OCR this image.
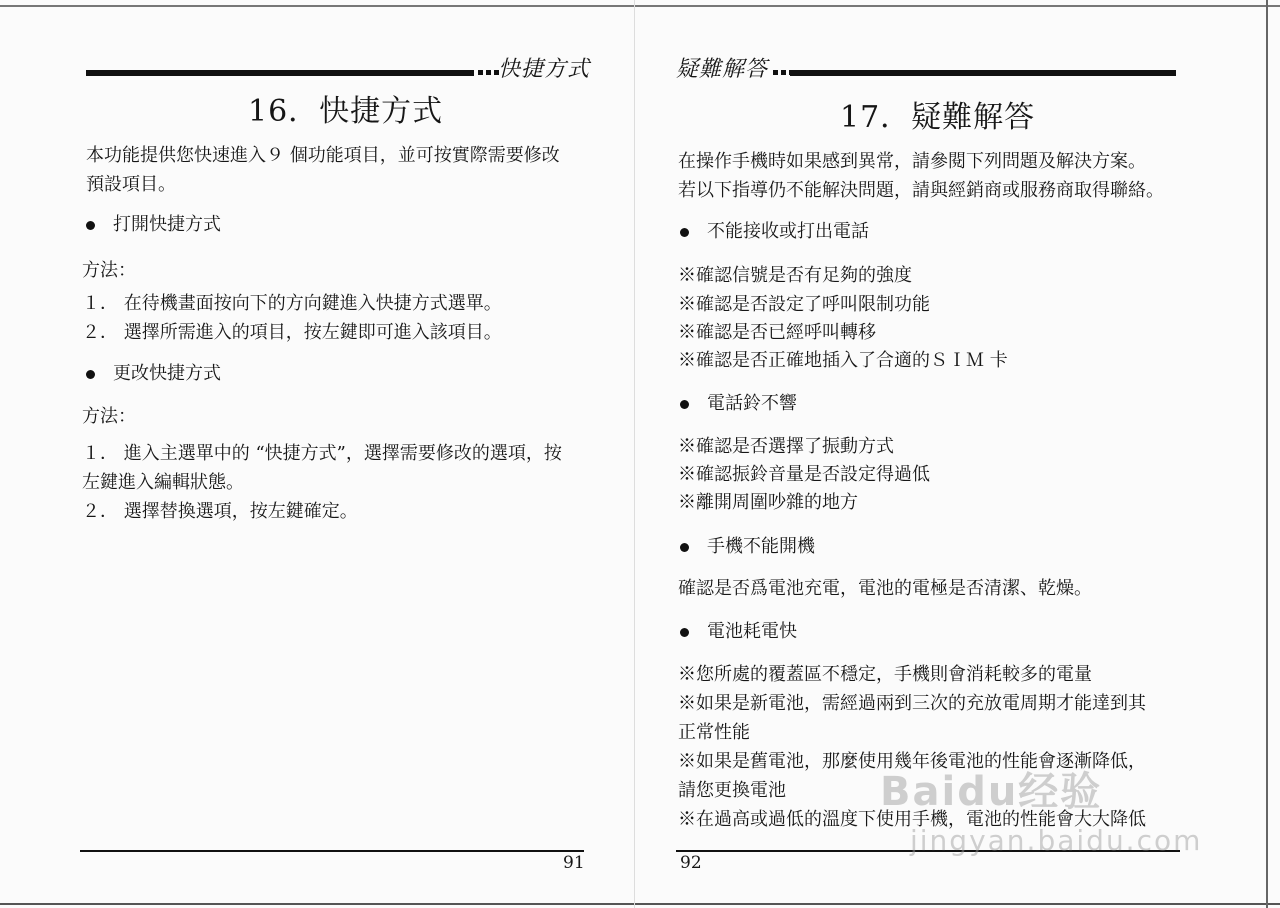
快捷方式
16．快捷方式
本功能提供您快速進入９ 個功能項目，並可按實際需要修改
預設項目。
打開快捷方式
方法：
１． 在待機畫面按向下的方向鍵進入快捷方式選單。
２． 選擇所需進入的項目，按左鍵即可進入該項目。
更改快捷方式
方法：
１． 進入主選單中的 “快捷方式”，選擇需要修改的選項，按
左鍵進入編輯狀態。
２． 選擇替換選項，按左鍵確定。
91
疑難解答
17．疑難解答
在操作手機時如果感到異常，請參閱下列問題及解決方案。
若以下指導仍不能解決問題，請與經銷商或服務商取得聯絡。
不能接收或打出電話
※確認信號是否有足夠的強度
※確認是否設定了呼叫限制功能
※確認是否已經呼叫轉移
※確認是否正確地插入了合適的ＳＩＭ 卡
電話鈴不響
※確認是否選擇了振動方式
※確認振鈴音量是否設定得過低
※離開周圍吵雜的地方
手機不能開機
確認是否爲電池充電，電池的電極是否清潔、乾燥。
電池耗電快
※您所處的覆蓋區不穩定，手機則會消耗較多的電量
※如果是新電池，需經過兩到三次的充放電周期才能達到其
正常性能
※如果是舊電池，那麼使用幾年後電池的性能會逐漸降低，
請您更換電池
※在過高或過低的溫度下使用手機，電池的性能會大大降低
92
Baidu经验
jingyan.baidu.com
